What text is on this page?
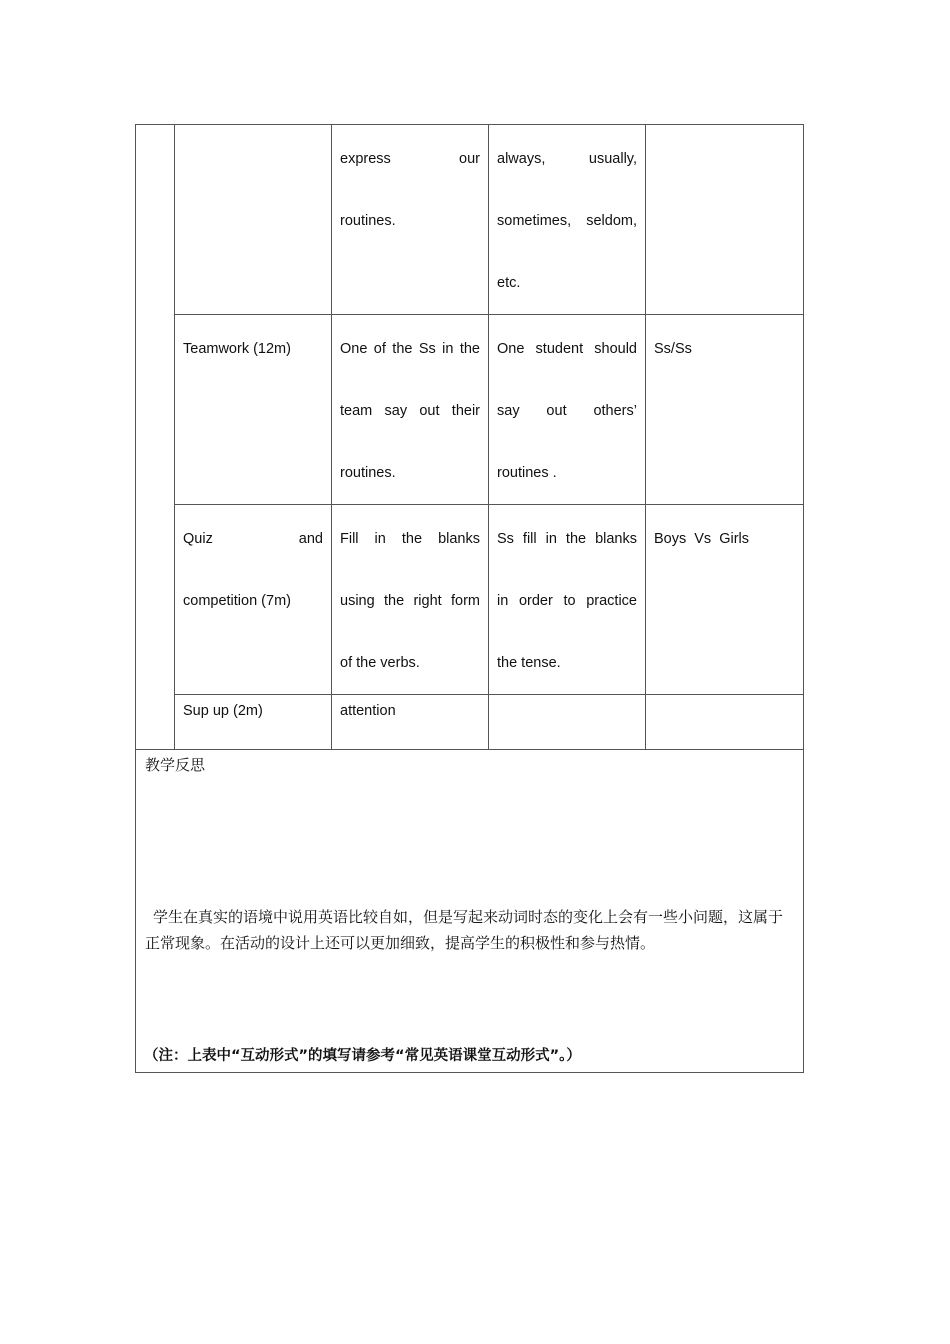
		express our
routines.	always, usually,
sometimes, seldom,
etc.	

	Teamwork (12m)	One of the Ss in the
team say out their
routines.	One student should
say out others’
routines .	Ss/Ss

	Quiz and
competition (7m)	Fill in the blanks
using the right form
of the verbs.	Ss fill in the blanks
in order to practice
the tense.	Boys Vs Girls

	Sup up (2m)	attention		

教学反思
学生在真实的语境中说用英语比较自如，但是写起来动词时态的变化上会有一些小问题，这属于正常现象。在活动的设计上还可以更加细致，提高学生的积极性和参与热情。				
（注：上表中“互动形式”的填写请参考“常见英语课堂互动形式”。）
